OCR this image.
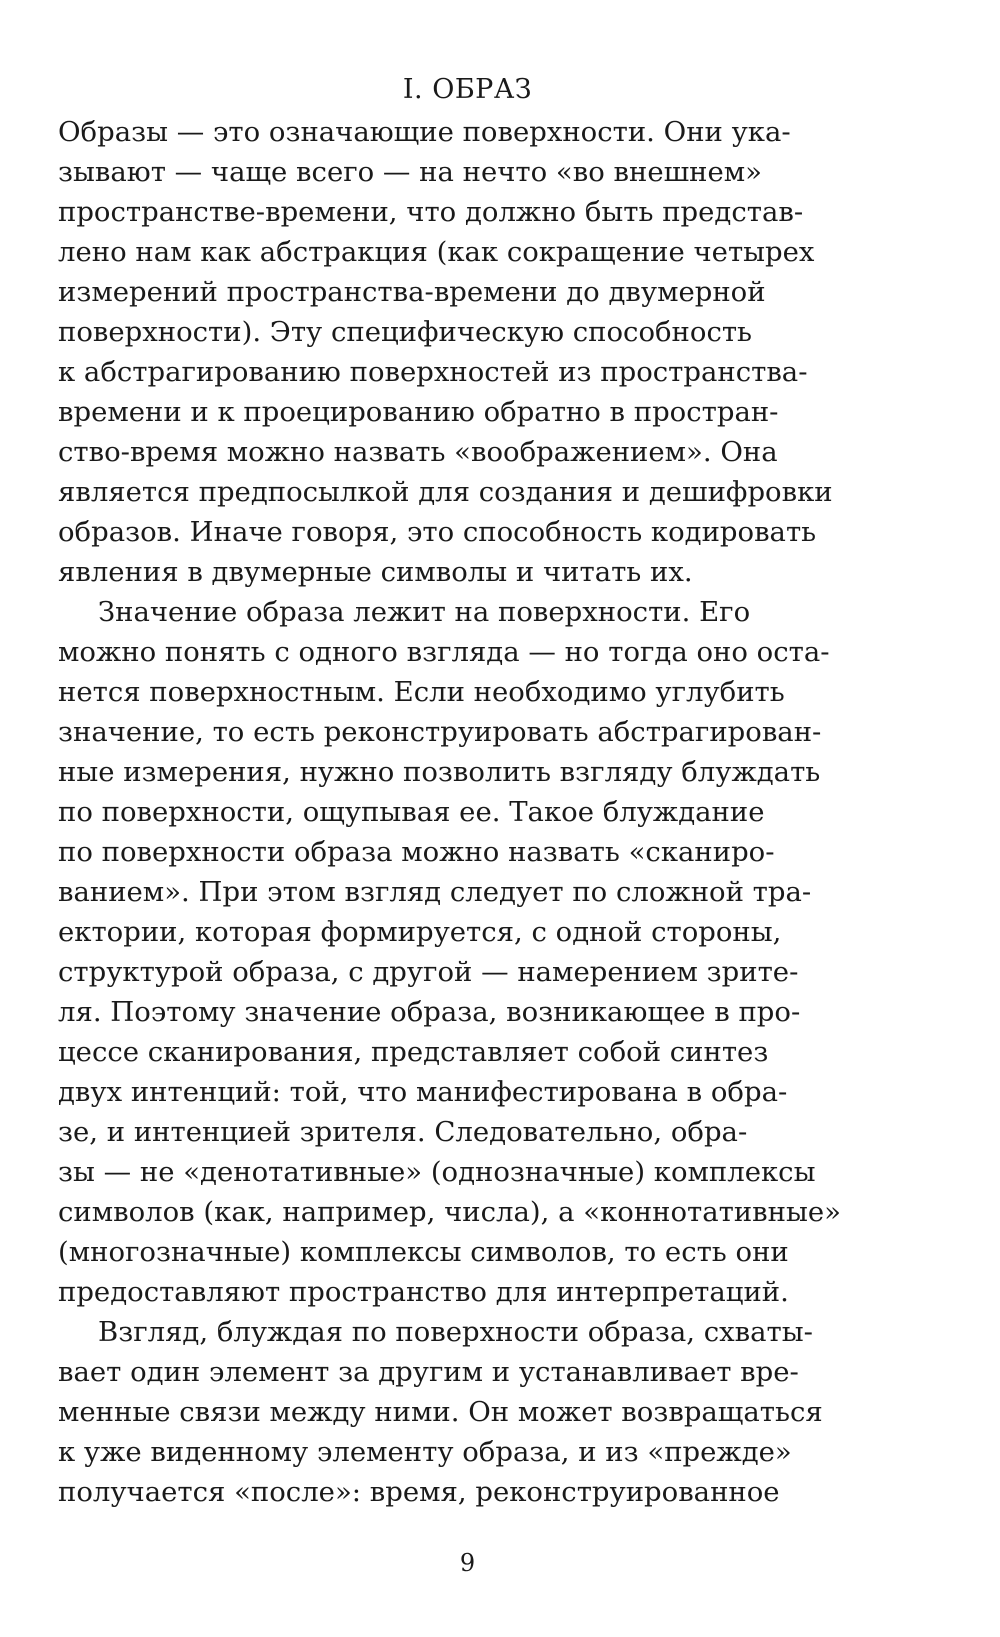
I. ОБРАЗ
Образы — это означающие поверхности. Они ука-
зывают — чаще всего — на нечто «во внешнем»
пространстве-времени, что должно быть представ-
лено нам как абстракция (как сокращение четырех
измерений пространства-времени до двумерной
поверхности). Эту специфическую способность
к абстрагированию поверхностей из пространства-
времени и к проецированию обратно в простран-
ство-время можно назвать «воображением». Она
является предпосылкой для создания и дешифровки
образов. Иначе говоря, это способность кодировать
явления в двумерные символы и читать их.
Значение образа лежит на поверхности. Его
можно понять с одного взгляда — но тогда оно оста-
нется поверхностным. Если необходимо углубить
значение, то есть реконструировать абстрагирован-
ные измерения, нужно позволить взгляду блуждать
по поверхности, ощупывая ее. Такое блуждание
по поверхности образа можно назвать «сканиро-
ванием». При этом взгляд следует по сложной тра-
ектории, которая формируется, с одной стороны,
структурой образа, с другой — намерением зрите-
ля. Поэтому значение образа, возникающее в про-
цессе сканирования, представляет собой синтез
двух интенций: той, что манифестирована в обра-
зе, и интенцией зрителя. Следовательно, обра-
зы — не «денотативные» (однозначные) комплексы
символов (как, например, числа), а «коннотативные»
(многозначные) комплексы символов, то есть они
предоставляют пространство для интерпретаций.
Взгляд, блуждая по поверхности образа, схваты-
вает один элемент за другим и устанавливает вре-
менные связи между ними. Он может возвращаться
к уже виденному элементу образа, и из «прежде»
получается «после»: время, реконструированное
9
